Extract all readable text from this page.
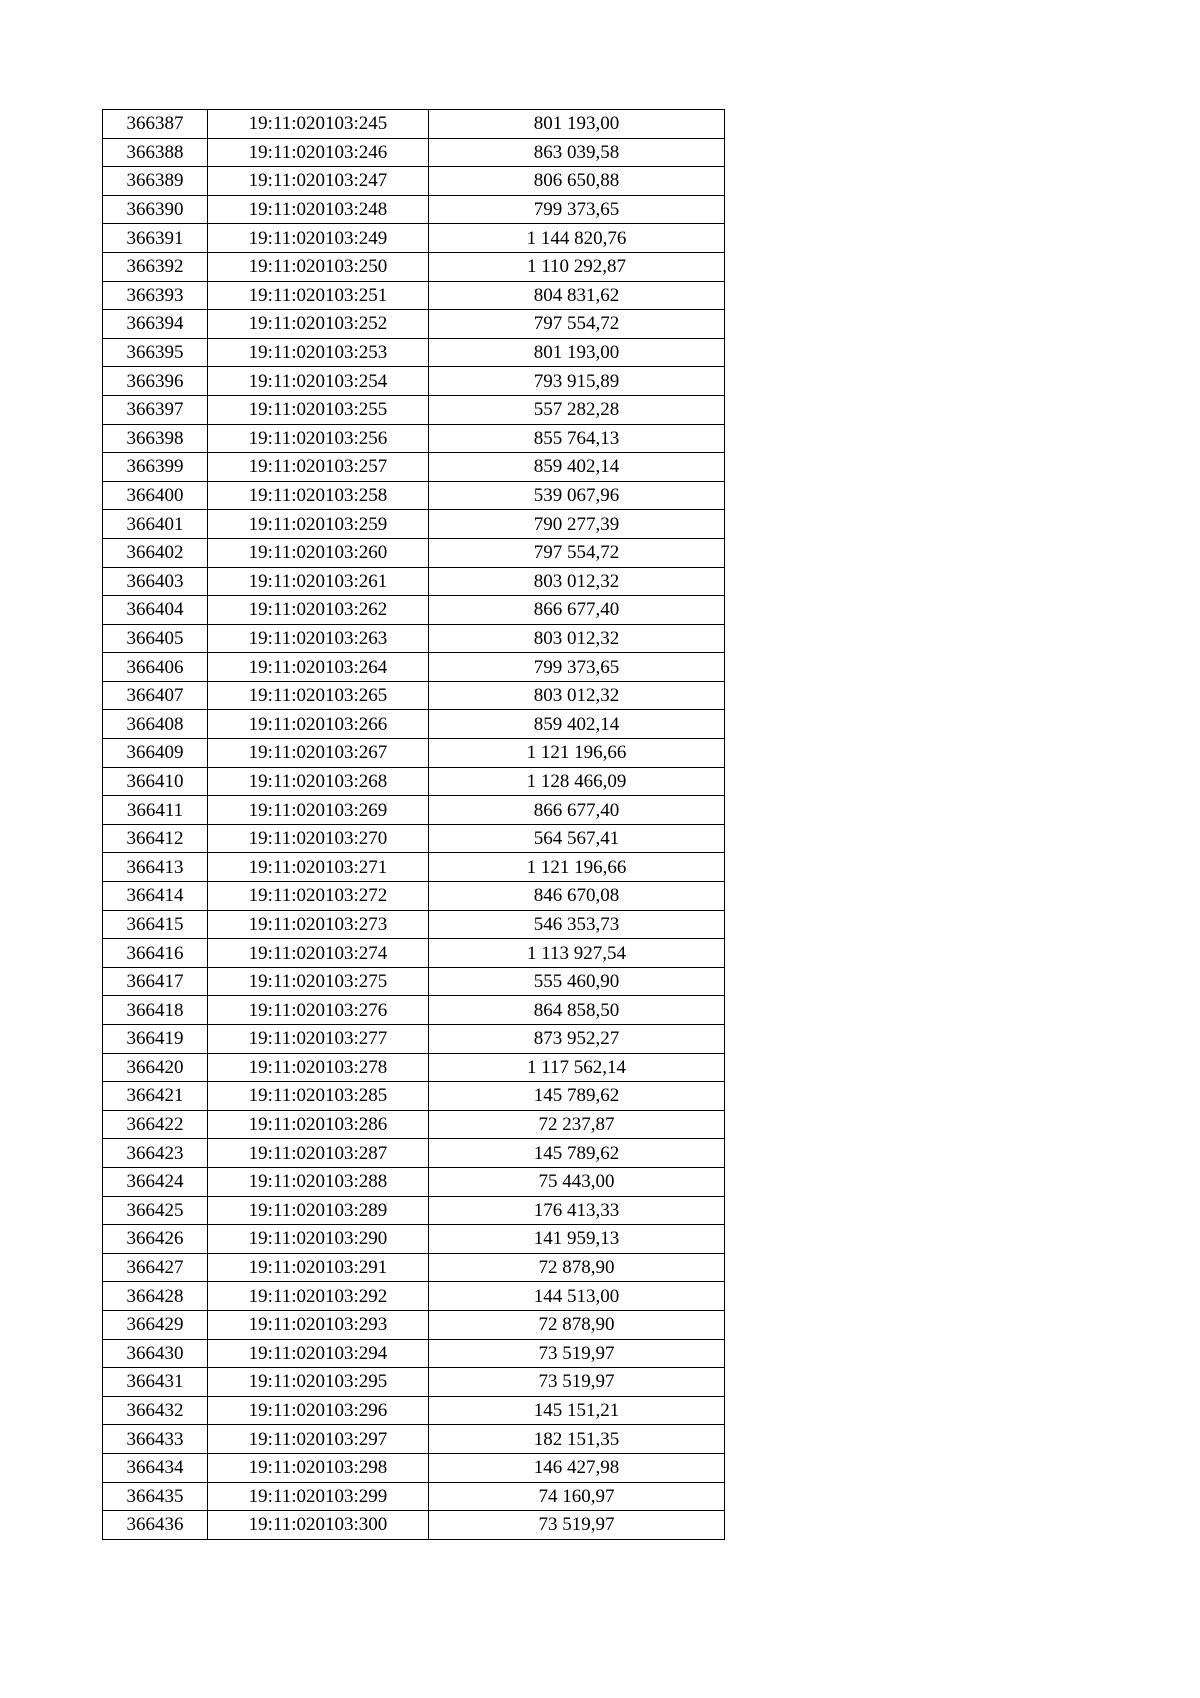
366387	19:11:020103:245	801 193,00
366388	19:11:020103:246	863 039,58
366389	19:11:020103:247	806 650,88
366390	19:11:020103:248	799 373,65
366391	19:11:020103:249	1 144 820,76
366392	19:11:020103:250	1 110 292,87
366393	19:11:020103:251	804 831,62
366394	19:11:020103:252	797 554,72
366395	19:11:020103:253	801 193,00
366396	19:11:020103:254	793 915,89
366397	19:11:020103:255	557 282,28
366398	19:11:020103:256	855 764,13
366399	19:11:020103:257	859 402,14
366400	19:11:020103:258	539 067,96
366401	19:11:020103:259	790 277,39
366402	19:11:020103:260	797 554,72
366403	19:11:020103:261	803 012,32
366404	19:11:020103:262	866 677,40
366405	19:11:020103:263	803 012,32
366406	19:11:020103:264	799 373,65
366407	19:11:020103:265	803 012,32
366408	19:11:020103:266	859 402,14
366409	19:11:020103:267	1 121 196,66
366410	19:11:020103:268	1 128 466,09
366411	19:11:020103:269	866 677,40
366412	19:11:020103:270	564 567,41
366413	19:11:020103:271	1 121 196,66
366414	19:11:020103:272	846 670,08
366415	19:11:020103:273	546 353,73
366416	19:11:020103:274	1 113 927,54
366417	19:11:020103:275	555 460,90
366418	19:11:020103:276	864 858,50
366419	19:11:020103:277	873 952,27
366420	19:11:020103:278	1 117 562,14
366421	19:11:020103:285	145 789,62
366422	19:11:020103:286	72 237,87
366423	19:11:020103:287	145 789,62
366424	19:11:020103:288	75 443,00
366425	19:11:020103:289	176 413,33
366426	19:11:020103:290	141 959,13
366427	19:11:020103:291	72 878,90
366428	19:11:020103:292	144 513,00
366429	19:11:020103:293	72 878,90
366430	19:11:020103:294	73 519,97
366431	19:11:020103:295	73 519,97
366432	19:11:020103:296	145 151,21
366433	19:11:020103:297	182 151,35
366434	19:11:020103:298	146 427,98
366435	19:11:020103:299	74 160,97
366436	19:11:020103:300	73 519,97
